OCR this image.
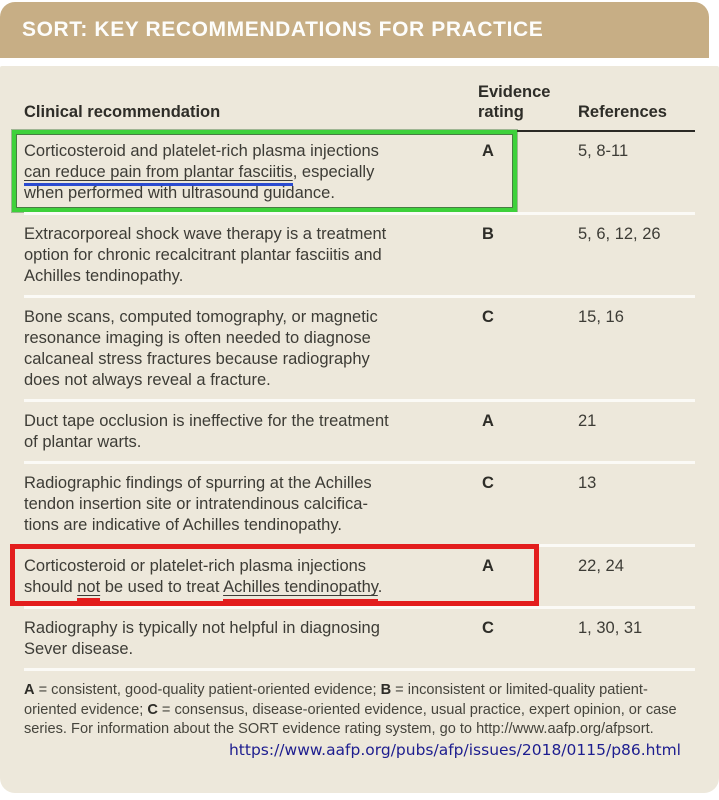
SORT: KEY RECOMMENDATIONS FOR PRACTICE
Clinical recommendation
Evidence
rating	References
Corticosteroid and platelet-rich plasma injections
can reduce pain from plantar fasciitis, especially
when performed with ultrasound guidance.
A	5, 8-11
Extracorporeal shock wave therapy is a treatment
option for chronic recalcitrant plantar fasciitis and
Achilles tendinopathy.
B	5, 6, 12, 26
Bone scans, computed tomography, or magnetic
resonance imaging is often needed to diagnose
calcaneal stress fractures because radiography
does not always reveal a fracture.
C	15, 16
Duct tape occlusion is ineffective for the treatment
of plantar warts.
A	21
Radiographic findings of spurring at the Achilles
tendon insertion site or intratendinous calcifica-
tions are indicative of Achilles tendinopathy.
C	13
Corticosteroid or platelet-rich plasma injections
should not be used to treat Achilles tendinopathy.
A	22, 24
Radiography is typically not helpful in diagnosing
Sever disease.
C	1, 30, 31
A = consistent, good-quality patient-oriented evidence; B = inconsistent or limited-quality patient-oriented evidence; C = consensus, disease-oriented evidence, usual practice, expert opinion, or case series. For information about the SORT evidence rating system, go to http://www.aafp.org/afpsort.
https://www.aafp.org/pubs/afp/issues/2018/0115/p86.html
